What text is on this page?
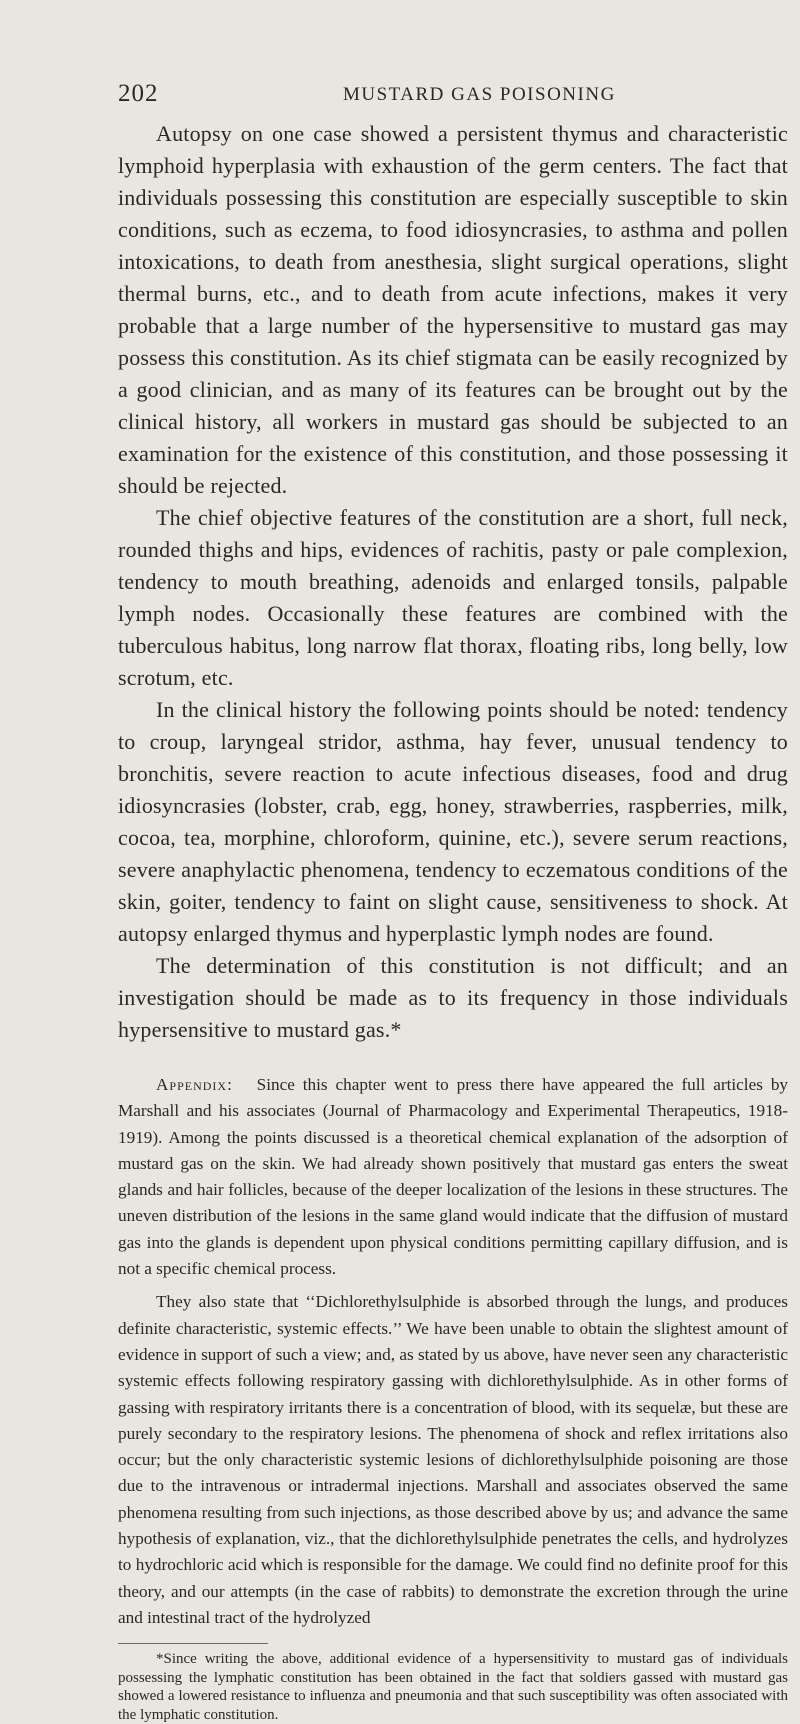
202	MUSTARD GAS POISONING

Autopsy on one case showed a persistent thymus and characteristic lymphoid hyperplasia with exhaustion of the germ centers. The fact that individuals possessing this constitution are especially susceptible to skin conditions, such as eczema, to food idiosyncrasies, to asthma and pollen intoxications, to death from anesthesia, slight surgical operations, slight thermal burns, etc., and to death from acute infections, makes it very probable that a large number of the hypersensitive to mustard gas may possess this constitution. As its chief stigmata can be easily recognized by a good clinician, and as many of its features can be brought out by the clinical history, all workers in mustard gas should be subjected to an examination for the existence of this constitution, and those possessing it should be rejected.

The chief objective features of the constitution are a short, full neck, rounded thighs and hips, evidences of rachitis, pasty or pale complexion, tendency to mouth breathing, adenoids and enlarged tonsils, palpable lymph nodes. Occasionally these features are combined with the tuberculous habitus, long narrow flat thorax, floating ribs, long belly, low scrotum, etc.

In the clinical history the following points should be noted: tendency to croup, laryngeal stridor, asthma, hay fever, unusual tendency to bronchitis, severe reaction to acute infectious diseases, food and drug idiosyncrasies (lobster, crab, egg, honey, strawberries, raspberries, milk, cocoa, tea, morphine, chloroform, quinine, etc.), severe serum reactions, severe anaphylactic phenomena, tendency to eczematous conditions of the skin, goiter, tendency to faint on slight cause, sensitiveness to shock. At autopsy enlarged thymus and hyperplastic lymph nodes are found.

The determination of this constitution is not difficult; and an investigation should be made as to its frequency in those individuals hypersensitive to mustard gas.*

Appendix: Since this chapter went to press there have appeared the full articles by Marshall and his associates (Journal of Pharmacology and Experimental Therapeutics, 1918-1919). Among the points discussed is a theoretical chemical explanation of the adsorption of mustard gas on the skin. We had already shown positively that mustard gas enters the sweat glands and hair follicles, because of the deeper localization of the lesions in these structures. The uneven distribution of the lesions in the same gland would indicate that the diffusion of mustard gas into the glands is dependent upon physical conditions permitting capillary diffusion, and is not a specific chemical process.

They also state that ‘‘Dichlorethylsulphide is absorbed through the lungs, and produces definite characteristic, systemic effects.’’ We have been unable to obtain the slightest amount of evidence in support of such a view; and, as stated by us above, have never seen any characteristic systemic effects following respiratory gassing with dichlorethylsulphide. As in other forms of gassing with respiratory irritants there is a concentration of blood, with its sequelæ, but these are purely secondary to the respiratory lesions. The phenomena of shock and reflex irritations also occur; but the only characteristic systemic lesions of dichlorethylsulphide poisoning are those due to the intravenous or intradermal injections. Marshall and associates observed the same phenomena resulting from such injections, as those described above by us; and advance the same hypothesis of explanation, viz., that the dichlorethylsulphide penetrates the cells, and hydrolyzes to hydrochloric acid which is responsible for the damage. We could find no definite proof for this theory, and our attempts (in the case of rabbits) to demonstrate the excretion through the urine and intestinal tract of the hydrolyzed

*Since writing the above, additional evidence of a hypersensitivity to mustard gas of individuals possessing the lymphatic constitution has been obtained in the fact that soldiers gassed with mustard gas showed a lowered resistance to influenza and pneumonia and that such susceptibility was often associated with the lymphatic constitution.
